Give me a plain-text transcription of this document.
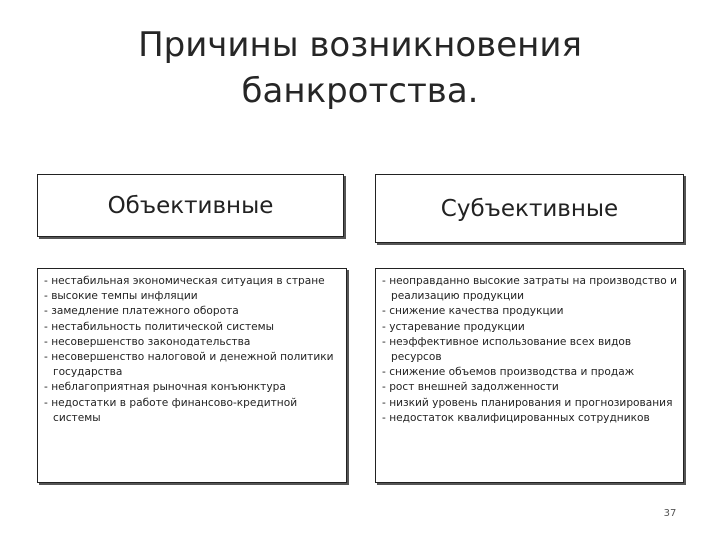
Причины возникновения
банкротства.
Объективные	Субъективные
- нестабильная экономическая ситуация в стране
- высокие темпы инфляции
- замедление платежного оборота
- нестабильность политической системы
- несовершенство законодательства
- несовершенство налоговой и денежной политики государства
- неблагоприятная рыночная конъюнктура
- недостатки в работе финансово-кредитной системы
- неоправданно высокие затраты на производство и реализацию продукции
- снижение качества продукции
- устаревание продукции
- неэффективное использование всех видов ресурсов
- снижение объемов производства и продаж
- рост внешней задолженности
- низкий уровень планирования и прогнозирования
- недостаток квалифицированных сотрудников
37
